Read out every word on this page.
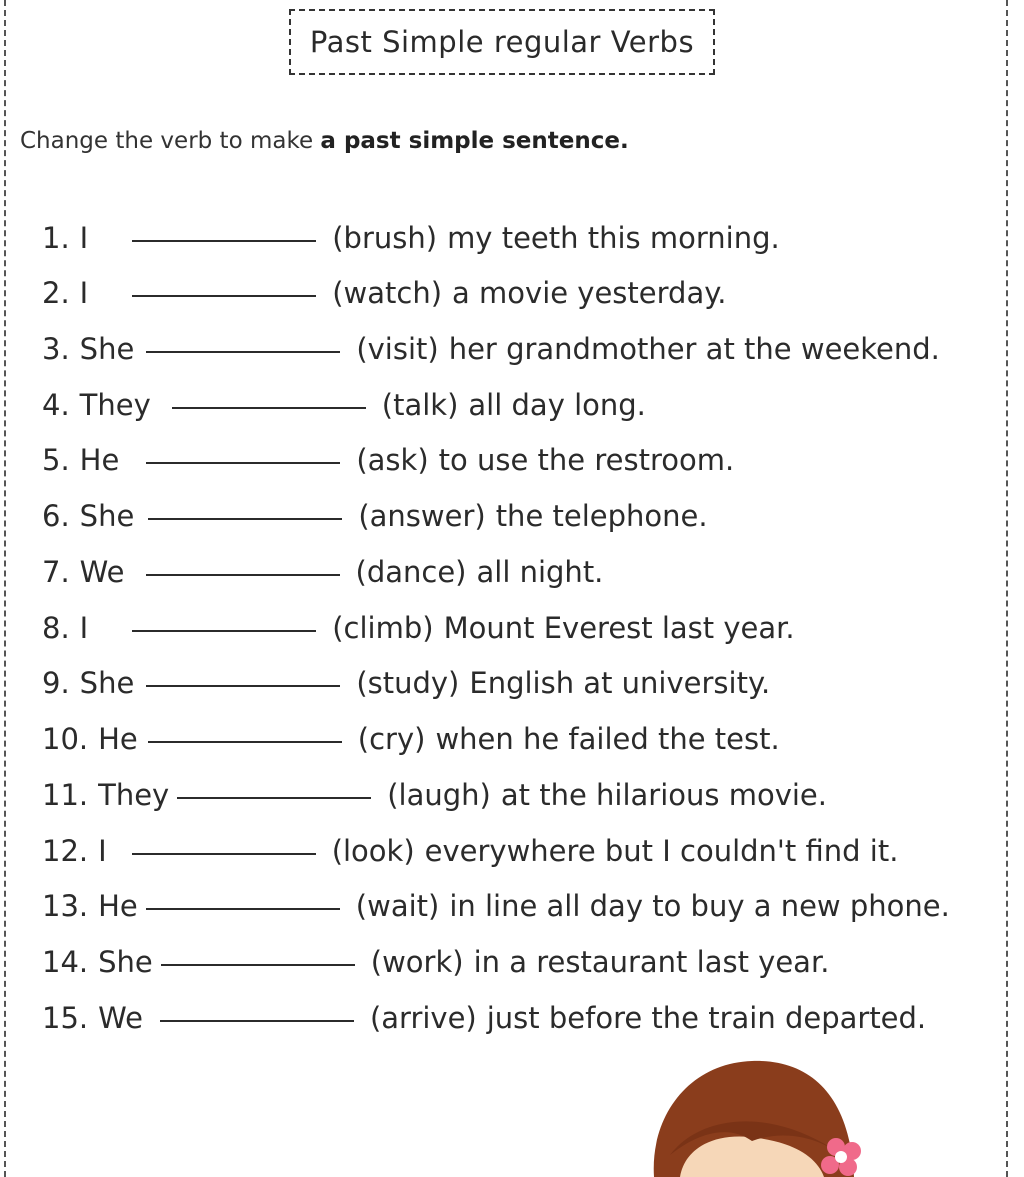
Past Simple regular Verbs
Change the verb to make a past simple sentence.
1. I	(brush) my teeth this morning.
2. I	(watch) a movie yesterday.
3. She	(visit) her grandmother at the weekend.
4. They	(talk) all day long.
5. He	(ask) to use the restroom.
6. She	(answer) the telephone.
7. We	(dance) all night.
8. I	(climb) Mount Everest last year.
9. She	(study) English at university.
10. He	(cry) when he failed the test.
11. They	(laugh) at the hilarious movie.
12. I	(look) everywhere but I couldn't find it.
13. He	(wait) in line all day to buy a new phone.
14. She	(work) in a restaurant last year.
15. We	(arrive) just before the train departed.
